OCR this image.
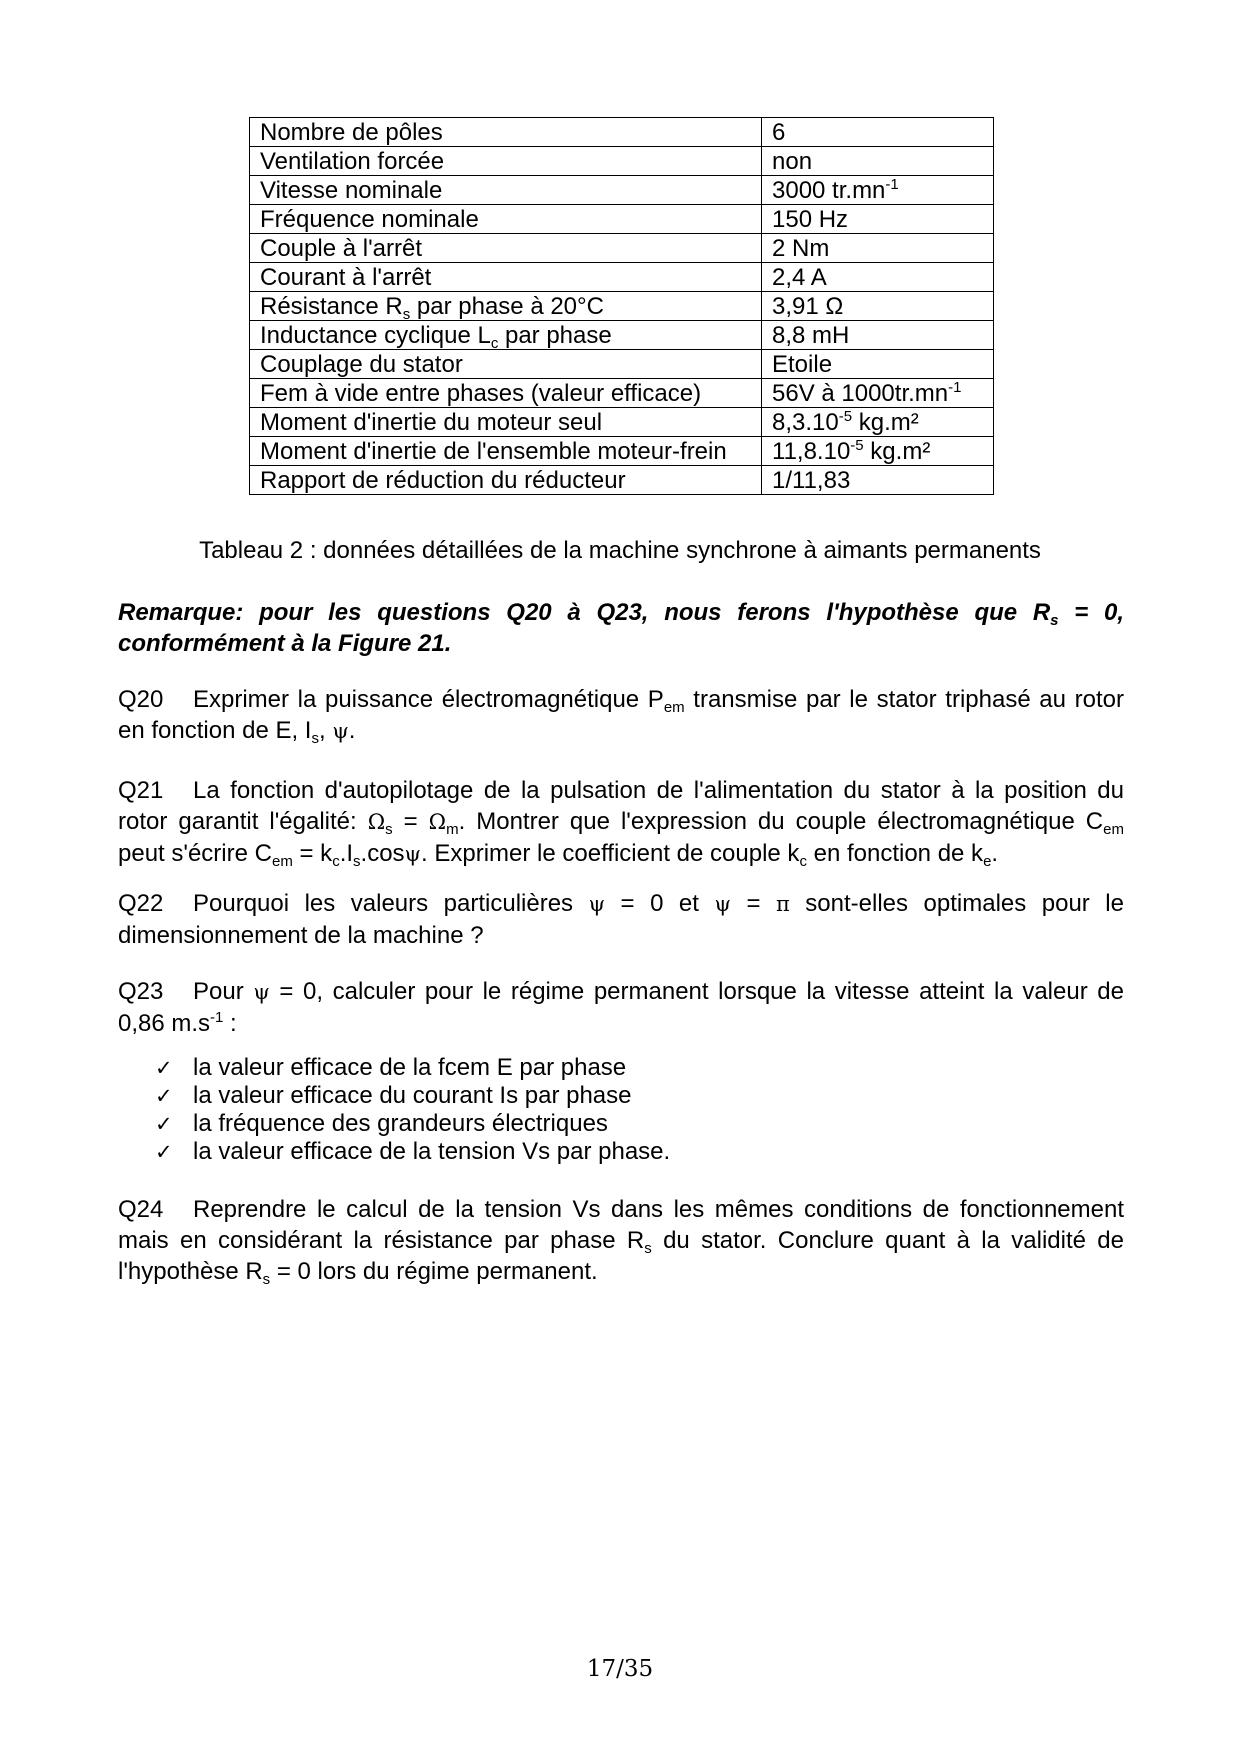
Nombre de pôles	6
Ventilation forcée	non
Vitesse nominale	3000 $tr.mn^{-1}$
Fréquence nominale	150 Hz
Couple à l'arrêt	2 Nm
Courant à l'arrêt	2,4 A
Résistance $R_s$ par phase à 20°C	3,91 Ω
Inductance cyclique $L_c$ par phase	8,8 mH
Couplage du stator	Etoile
Fem à vide entre phases (valeur efficace)	56V à $1000tr.mn^{-1}$
Moment d'inertie du moteur seul	$8,3.10^{-5}$ kg.m²
Moment d'inertie de l'ensemble moteur-frein	$11,8.10^{-5}$ kg.m²
Rapport de réduction du réducteur	1/11,83
Tableau 2 : données détaillées de la machine synchrone à aimants permanents
Remarque: pour les questions Q20 à Q23, nous ferons l'hypothèse que $R_s = 0$, conformément à la Figure 21.
Q20 Exprimer la puissance électromagnétique $P_{em}$ transmise par le stator triphasé au rotor en fonction de E, $I_s$, ψ.
Q21 La fonction d'autopilotage de la pulsation de l'alimentation du stator à la position du rotor garantit l'égalité: $\Omega_s = \Omega_m$. Montrer que l'expression du couple électromagnétique $C_{em}$ peut s'écrire $C_{em} = k_c.I_s.\cos\psi$. Exprimer le coefficient de couple $k_c$ en fonction de $k_e$.
Q22 Pourquoi les valeurs particulières ψ = 0 et ψ = π sont-elles optimales pour le dimensionnement de la machine ?
Q23 Pour ψ = 0, calculer pour le régime permanent lorsque la vitesse atteint la valeur de 0,86 $m.s^{-1}$ :
✓ la valeur efficace de la fcem E par phase
✓ la valeur efficace du courant Is par phase
✓ la fréquence des grandeurs électriques
✓ la valeur efficace de la tension Vs par phase.
Q24 Reprendre le calcul de la tension Vs dans les mêmes conditions de fonctionnement mais en considérant la résistance par phase $R_s$ du stator. Conclure quant à la validité de l'hypothèse $R_s = 0$ lors du régime permanent.
17/35
